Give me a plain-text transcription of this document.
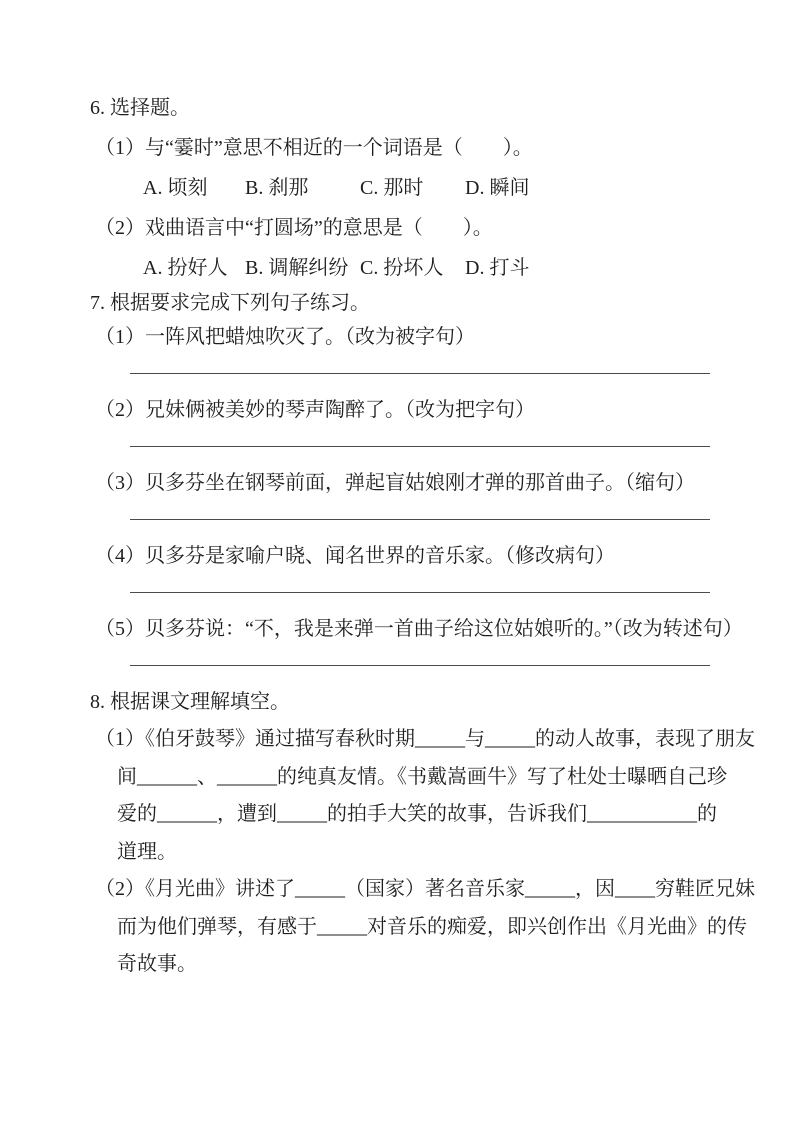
6. 选择题。
（1）与“霎时”意思不相近的一个词语是（　　）。
A. 顷刻 B. 刹那	C. 那时 D. 瞬间
（2）戏曲语言中“打圆场”的意思是（　　）。
A. 扮好人 B. 调解纠纷 C. 扮坏人 D. 打斗
7. 根据要求完成下列句子练习。
（1）一阵风把蜡烛吹灭了。（改为被字句）
（2）兄妹俩被美妙的琴声陶醉了。（改为把字句）
（3）贝多芬坐在钢琴前面，弹起盲姑娘刚才弹的那首曲子。（缩句）
（4）贝多芬是家喻户晓、闻名世界的音乐家。（修改病句）
（5）贝多芬说：“不，我是来弹一首曲子给这位姑娘听的。”（改为转述句）
8. 根据课文理解填空。
（1）《伯牙鼓琴》通过描写春秋时期_____与_____的动人故事，表现了朋友
间______、______的纯真友情。《书戴嵩画牛》写了杜处士曝晒自己珍
爱的______，遭到_____的拍手大笑的故事，告诉我们___________的
道理。
（2）《月光曲》讲述了_____（国家）著名音乐家_____，因____穷鞋匠兄妹
而为他们弹琴，有感于_____对音乐的痴爱，即兴创作出《月光曲》的传
奇故事。
